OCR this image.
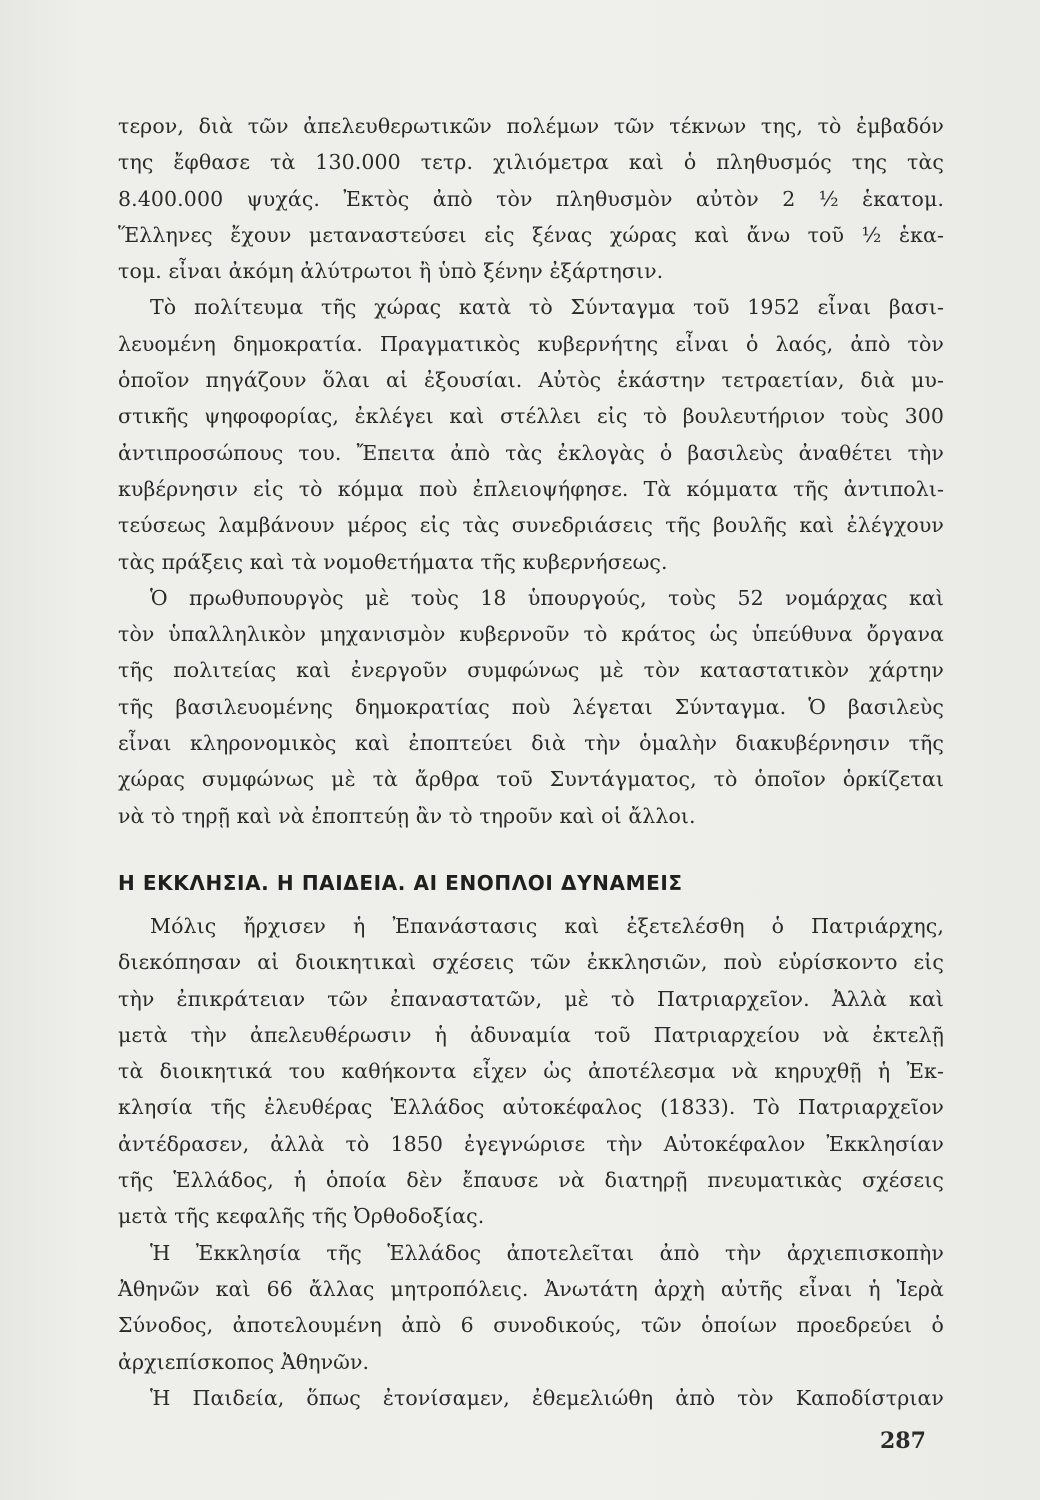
τερον, διὰ τῶν ἀπελευθερωτικῶν πολέμων τῶν τέκνων της, τὸ ἐμβαδόν
της ἔφθασε τὰ 130.000 τετρ. χιλιόμετρα καὶ ὁ πληθυσμός της τὰς
8.400.000 ψυχάς. Ἐκτὸς ἀπὸ τὸν πληθυσμὸν αὐτὸν 2 ½ ἑκατομ.
Ἕλληνες ἔχουν μεταναστεύσει εἰς ξένας χώρας καὶ ἄνω τοῦ ½ ἑκα-
τομ. εἶναι ἀκόμη ἀλύτρωτοι ἢ ὑπὸ ξένην ἐξάρτησιν.
Τὸ πολίτευμα τῆς χώρας κατὰ τὸ Σύνταγμα τοῦ 1952 εἶναι βασι-
λευομένη δημοκρατία. Πραγματικὸς κυβερνήτης εἶναι ὁ λαός, ἀπὸ τὸν
ὁποῖον πηγάζουν ὅλαι αἱ ἐξουσίαι. Αὐτὸς ἑκάστην τετραετίαν, διὰ μυ-
στικῆς ψηφοφορίας, ἐκλέγει καὶ στέλλει εἰς τὸ βουλευτήριον τοὺς 300
ἀντιπροσώπους του. Ἔπειτα ἀπὸ τὰς ἐκλογὰς ὁ βασιλεὺς ἀναθέτει τὴν
κυβέρνησιν εἰς τὸ κόμμα ποὺ ἐπλειοψήφησε. Τὰ κόμματα τῆς ἀντιπολι-
τεύσεως λαμβάνουν μέρος εἰς τὰς συνεδριάσεις τῆς βουλῆς καὶ ἐλέγχουν
τὰς πράξεις καὶ τὰ νομοθετήματα τῆς κυβερνήσεως.
Ὁ πρωθυπουργὸς μὲ τοὺς 18 ὑπουργούς, τοὺς 52 νομάρχας καὶ
τὸν ὑπαλληλικὸν μηχανισμὸν κυβερνοῦν τὸ κράτος ὡς ὑπεύθυνα ὄργανα
τῆς πολιτείας καὶ ἐνεργοῦν συμφώνως μὲ τὸν καταστατικὸν χάρτην
τῆς βασιλευομένης δημοκρατίας ποὺ λέγεται Σύνταγμα. Ὁ βασιλεὺς
εἶναι κληρονομικὸς καὶ ἐποπτεύει διὰ τὴν ὁμαλὴν διακυβέρνησιν τῆς
χώρας συμφώνως μὲ τὰ ἄρθρα τοῦ Συντάγματος, τὸ ὁποῖον ὁρκίζεται
νὰ τὸ τηρῇ καὶ νὰ ἐποπτεύῃ ἂν τὸ τηροῦν καὶ οἱ ἄλλοι.
Η ΕΚΚΛΗΣΙΑ. Η ΠΑΙΔΕΙΑ. ΑΙ ΕΝΟΠΛΟΙ ΔΥΝΑΜΕΙΣ
Μόλις ἤρχισεν ἡ Ἐπανάστασις καὶ ἐξετελέσθη ὁ Πατριάρχης,
διεκόπησαν αἱ διοικητικαὶ σχέσεις τῶν ἐκκλησιῶν, ποὺ εὑρίσκοντο εἰς
τὴν ἐπικράτειαν τῶν ἐπαναστατῶν, μὲ τὸ Πατριαρχεῖον. Ἀλλὰ καὶ
μετὰ τὴν ἀπελευθέρωσιν ἡ ἀδυναμία τοῦ Πατριαρχείου νὰ ἐκτελῇ
τὰ διοικητικά του καθήκοντα εἶχεν ὡς ἀποτέλεσμα νὰ κηρυχθῇ ἡ Ἐκ-
κλησία τῆς ἐλευθέρας Ἑλλάδος αὐτοκέφαλος (1833). Τὸ Πατριαρχεῖον
ἀντέδρασεν, ἀλλὰ τὸ 1850 ἐγεγνώρισε τὴν Αὐτοκέφαλον Ἐκκλησίαν
τῆς Ἑλλάδος, ἡ ὁποία δὲν ἔπαυσε νὰ διατηρῇ πνευματικὰς σχέσεις
μετὰ τῆς κεφαλῆς τῆς Ὀρθοδοξίας.
Ἡ Ἐκκλησία τῆς Ἑλλάδος ἀποτελεῖται ἀπὸ τὴν ἀρχιεπισκοπὴν
Ἀθηνῶν καὶ 66 ἄλλας μητροπόλεις. Ἀνωτάτη ἀρχὴ αὐτῆς εἶναι ἡ Ἱερὰ
Σύνοδος, ἀποτελουμένη ἀπὸ 6 συνοδικούς, τῶν ὁποίων προεδρεύει ὁ
ἀρχιεπίσκοπος Ἀθηνῶν.
Ἡ Παιδεία, ὅπως ἐτονίσαμεν, ἐθεμελιώθη ἀπὸ τὸν Καποδίστριαν
287
